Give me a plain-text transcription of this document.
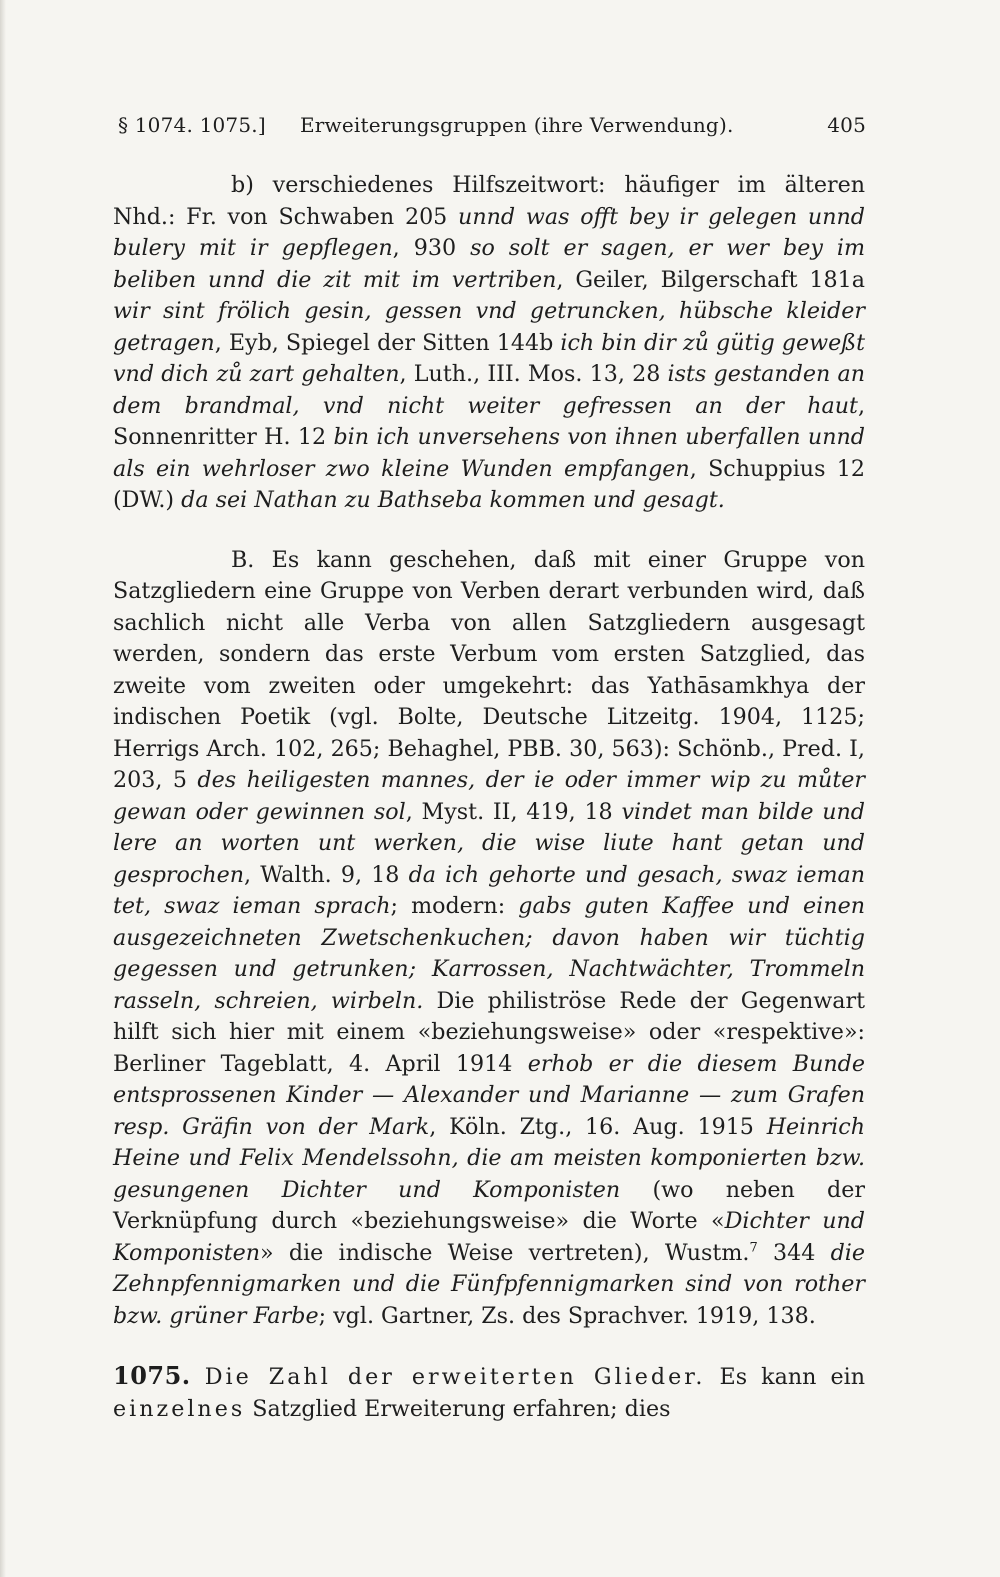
§ 1074. 1075.] Erweiterungsgruppen (ihre Verwendung).	405

b) verschiedenes Hilfszeitwort: häufiger im älteren Nhd.: Fr. von Schwaben 205 unnd was offt bey ir gelegen unnd bulery mit ir gepflegen, 930 so solt er sagen, er wer bey im beliben unnd die zit mit im vertriben, Geiler, Bilgerschaft 181a wir sint frölich gesin, gessen vnd getruncken, hübsche kleider getragen, Eyb, Spiegel der Sitten 144b ich bin dir zů gütig geweßt vnd dich zů zart gehalten, Luth., III. Mos. 13, 28 ists gestanden an dem brandmal, vnd nicht weiter gefressen an der haut, Sonnenritter H. 12 bin ich unversehens von ihnen uberfallen unnd als ein wehrloser zwo kleine Wunden empfangen, Schuppius 12 (DW.) da sei Nathan zu Bathseba kommen und gesagt.

B. Es kann geschehen, daß mit einer Gruppe von Satzgliedern eine Gruppe von Verben derart verbunden wird, daß sachlich nicht alle Verba von allen Satzgliedern ausgesagt werden, sondern das erste Verbum vom ersten Satzglied, das zweite vom zweiten oder umgekehrt: das Yathāsamkhya der indischen Poetik (vgl. Bolte, Deutsche Litzeitg. 1904, 1125; Herrigs Arch. 102, 265; Behaghel, PBB. 30, 563): Schönb., Pred. I, 203, 5 des heiligesten mannes, der ie oder immer wip zu můter gewan oder gewinnen sol, Myst. II, 419, 18 vindet man bilde und lere an worten unt werken, die wise liute hant getan und gesprochen, Walth. 9, 18 da ich gehorte und gesach, swaz ieman tet, swaz ieman sprach; modern: gabs guten Kaffee und einen ausgezeichneten Zwetschenkuchen; davon haben wir tüchtig gegessen und getrunken; Karrossen, Nachtwächter, Trommeln rasseln, schreien, wirbeln. Die philiströse Rede der Gegenwart hilft sich hier mit einem «beziehungsweise» oder «respektive»: Berliner Tageblatt, 4. April 1914 erhob er die diesem Bunde entsprossenen Kinder — Alexander und Marianne — zum Grafen resp. Gräfin von der Mark, Köln. Ztg., 16. Aug. 1915 Heinrich Heine und Felix Mendelssohn, die am meisten komponierten bzw. gesungenen Dichter und Komponisten (wo neben der Verknüpfung durch «beziehungsweise» die Worte «Dichter und Komponisten» die indische Weise vertreten), Wustm.$^7$ 344 die Zehnpfennigmarken und die Fünfpfennigmarken sind von rother bzw. grüner Farbe; vgl. Gartner, Zs. des Sprachver. 1919, 138.

1075. Die Zahl der erweiterten Glieder. Es kann ein einzelnes Satzglied Erweiterung erfahren; dies
